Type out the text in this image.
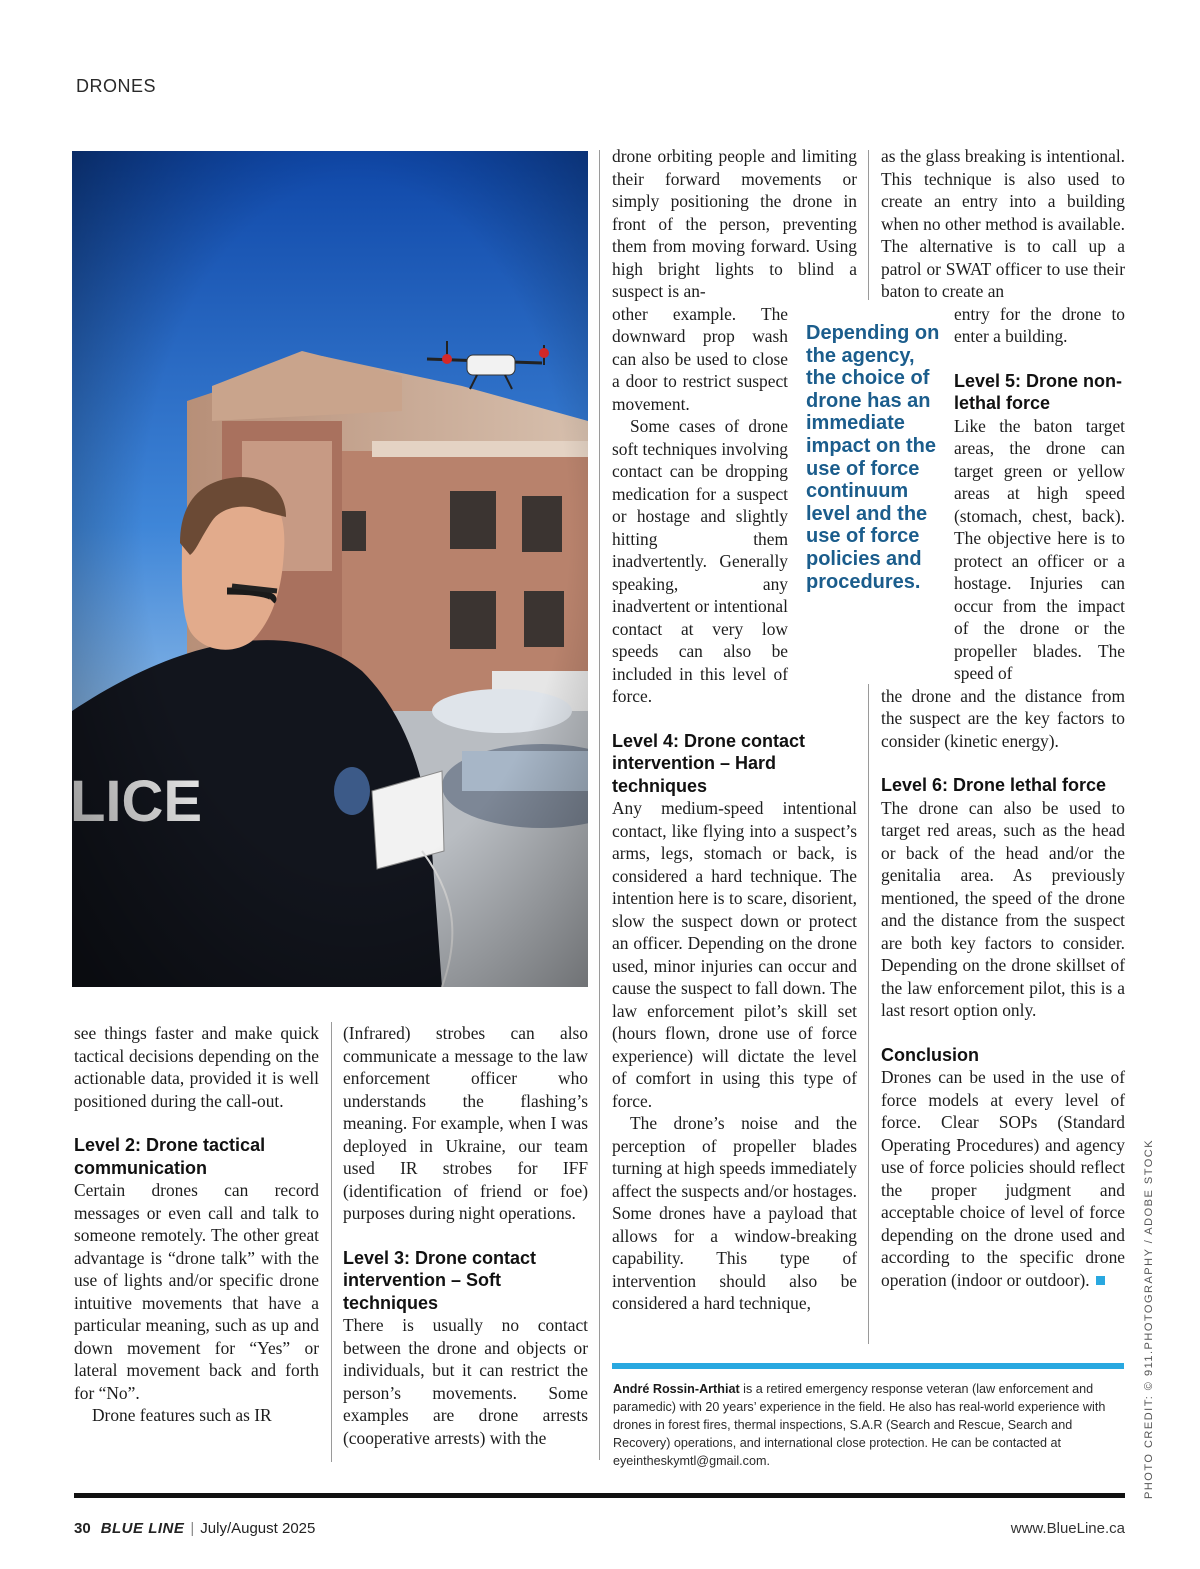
DRONES

see things faster and make quick tactical decisions depending on the actionable data, provided it is well positioned during the call-out.

Level 2: Drone tactical communication

Certain drones can record messages or even call and talk to someone remotely. The other great advantage is “drone talk” with the use of lights and/or specific drone intuitive movements that have a particular meaning, such as up and down movement for “Yes” or lateral movement back and forth for “No”.

Drone features such as IR

(Infrared) strobes can also communicate a message to the law enforcement officer who understands the flashing’s meaning. For example, when I was deployed in Ukraine, our team used IR strobes for IFF (identification of friend or foe) purposes during night operations.

Level 3: Drone contact intervention – Soft techniques

There is usually no contact between the drone and objects or individuals, but it can restrict the person’s movements. Some examples are drone arrests (cooperative arrests) with the

drone orbiting people and limiting their forward movements or simply positioning the drone in front of the person, preventing them from moving forward. Using high bright lights to blind a suspect is an-

other example. The downward prop wash can also be used to close a door to restrict suspect movement.

Some cases of drone soft techniques involving contact can be dropping medication for a suspect or hostage and slightly hitting them inadvertently. Generally speaking, any inadvertent or intentional contact at very low speeds can also be included in this level of force.

Level 4: Drone contact intervention – Hard techniques

Any medium-speed intentional contact, like flying into a suspect’s arms, legs, stomach or back, is considered a hard technique. The intention here is to scare, disorient, slow the suspect down or protect an officer. Depending on the drone used, minor injuries can occur and cause the suspect to fall down. The law enforcement pilot’s skill set (hours flown, drone use of force experience) will dictate the level of comfort in using this type of force.

The drone’s noise and the perception of propeller blades turning at high speeds immediately affect the suspects and/or hostages. Some drones have a payload that allows for a window-breaking capability. This type of intervention should also be considered a hard technique,

Depending on the agency, the choice of drone has an immediate impact on the use of force continuum level and the use of force policies and procedures.

as the glass breaking is intentional. This technique is also used to create an entry into a building when no other method is available. The alternative is to call up a patrol or SWAT officer to use their baton to create an

entry for the drone to enter a building.

Level 5: Drone non-lethal force

Like the baton target areas, the drone can target green or yellow areas at high speed (stomach, chest, back). The objective here is to protect an officer or a hostage. Injuries can occur from the impact of the drone or the propeller blades. The speed of

the drone and the distance from the suspect are the key factors to consider (kinetic energy).

Level 6: Drone lethal force

The drone can also be used to target red areas, such as the head or back of the head and/or the genitalia area. As previously mentioned, the speed of the drone and the distance from the suspect are both key factors to consider. Depending on the drone skillset of the law enforcement pilot, this is a last resort option only.

Conclusion

Drones can be used in the use of force models at every level of force. Clear SOPs (Standard Operating Procedures) and agency use of force policies should reflect the proper judgment and acceptable choice of level of force depending on the drone used and according to the specific drone operation (indoor or outdoor).

André Rossin-Arthiat is a retired emergency response veteran (law enforcement and paramedic) with 20 years’ experience in the field. He also has real-world experience with drones in forest fires, thermal inspections, S.A.R (Search and Rescue, Search and Recovery) operations, and international close protection. He can be contacted at eyeintheskymtl@gmail.com.	PHOTO CREDIT: © 911.PHOTOGRAPHY / ADOBE STOCK
30 BLUE LINE | July/August 2025	www.BlueLine.ca
